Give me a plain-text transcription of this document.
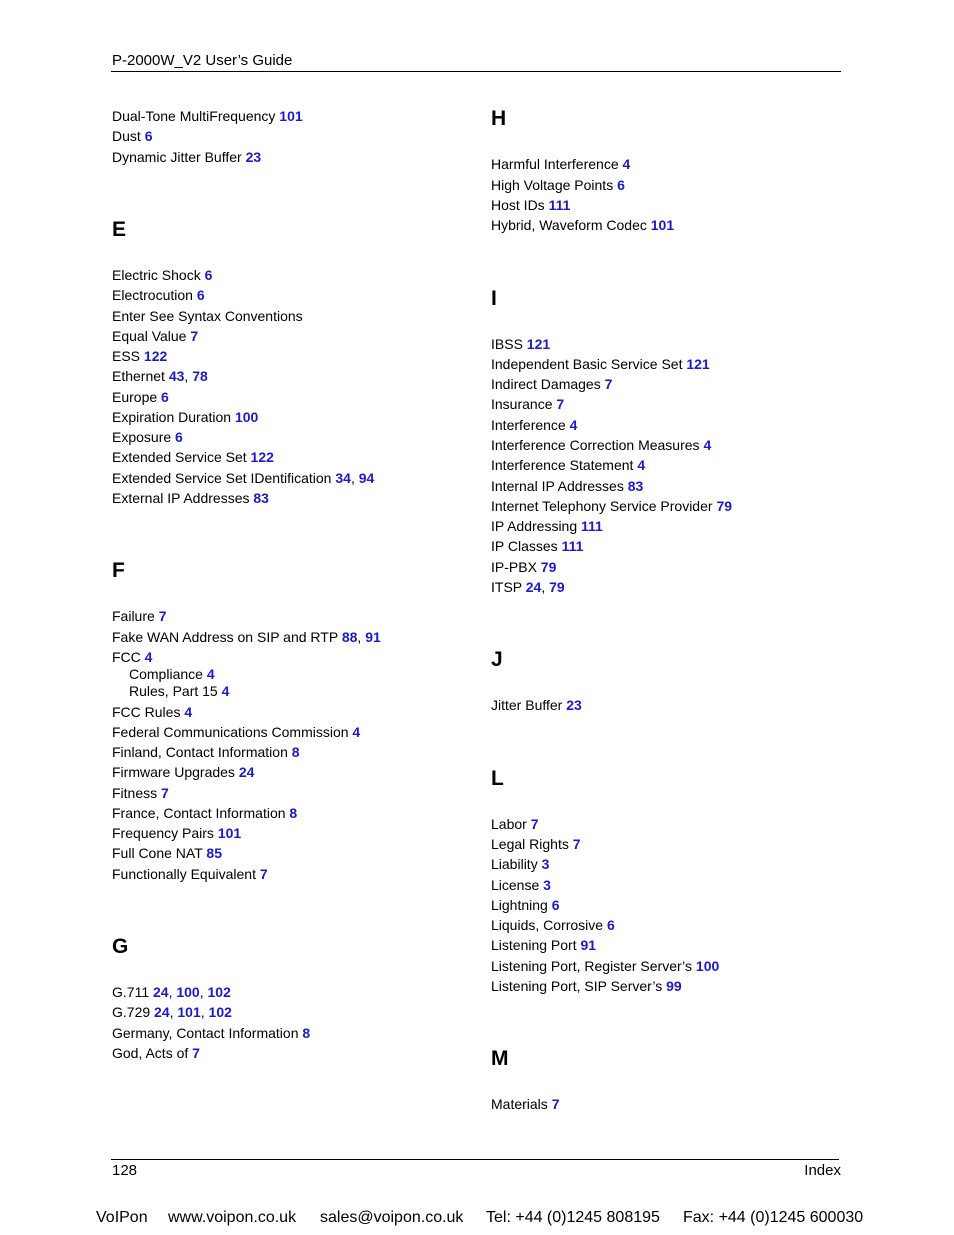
P-2000W_V2 User’s Guide
Dual-Tone MultiFrequency 101
Dust 6
Dynamic Jitter Buffer 23
E
Electric Shock 6
Electrocution 6
Enter See Syntax Conventions
Equal Value 7
ESS 122
Ethernet 43, 78
Europe 6
Expiration Duration 100
Exposure 6
Extended Service Set 122
Extended Service Set IDentification 34, 94
External IP Addresses 83
F
Failure 7
Fake WAN Address on SIP and RTP 88, 91
FCC 4
Compliance 4
Rules, Part 15 4
FCC Rules 4
Federal Communications Commission 4
Finland, Contact Information 8
Firmware Upgrades 24
Fitness 7
France, Contact Information 8
Frequency Pairs 101
Full Cone NAT 85
Functionally Equivalent 7
G
G.711 24, 100, 102
G.729 24, 101, 102
Germany, Contact Information 8
God, Acts of 7
H
Harmful Interference 4
High Voltage Points 6
Host IDs 111
Hybrid, Waveform Codec 101
I
IBSS 121
Independent Basic Service Set 121
Indirect Damages 7
Insurance 7
Interference 4
Interference Correction Measures 4
Interference Statement 4
Internal IP Addresses 83
Internet Telephony Service Provider 79
IP Addressing 111
IP Classes 111
IP-PBX 79
ITSP 24, 79
J
Jitter Buffer 23
L
Labor 7
Legal Rights 7
Liability 3
License 3
Lightning 6
Liquids, Corrosive 6
Listening Port 91
Listening Port, Register Server’s 100
Listening Port, SIP Server’s 99
M
Materials 7
128	Index
VoIPon www.voipon.co.uk sales@voipon.co.uk Tel: +44 (0)1245 808195 Fax: +44 (0)1245 600030
